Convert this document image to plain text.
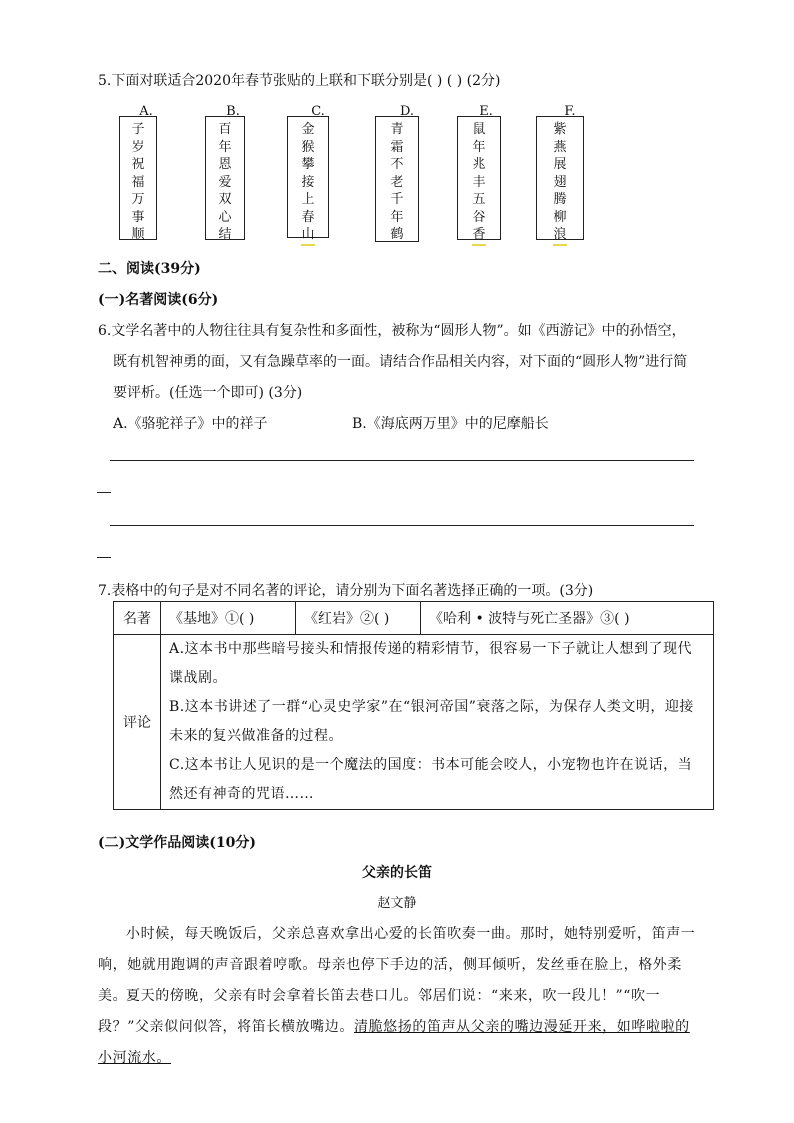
5.下面对联适合2020年春节张贴的上联和下联分别是( ) ( ) (2分)
A.
子
岁
祝
福
万
事
顺
B.
百
年
恩
爱
双
心
结
C.
金
猴
攀
接
上
春
山
D.
青
霜
不
老
千
年
鹤
E.
鼠
年
兆
丰
五
谷
香
F.
紫
燕
展
翅
腾
柳
浪
二、阅读(39分)
(一)名著阅读(6分)
6.文学名著中的人物往往具有复杂性和多面性，被称为“圆形人物”。如《西游记》中的孙悟空，
既有机智神勇的面，又有急躁草率的一面。请结合作品相关内容，对下面的“圆形人物”进行简
要评析。(任选一个即可) (3分)
A.《骆驼祥子》中的祥子	B.《海底两万里》中的尼摩船长
7.表格中的句子是对不同名著的评论，请分别为下面名著选择正确的一项。(3分)
名著	《基地》①( )	《红岩》②( )	《哈利 • 波特与死亡圣器》③( )
评论	A.这本书中那些暗号接头和情报传递的精彩情节，很容易一下子就让人想到了现代谍战剧。
B.这本书讲述了一群“心灵史学家”在“银河帝国”衰落之际，为保存人类文明，迎接未来的复兴做准备的过程。
C.这本书让人见识的是一个魔法的国度：书本可能会咬人，小宠物也许在说话，当然还有神奇的咒语……		
(二)文学作品阅读(10分)
父亲的长笛
赵文静
小时候，每天晚饭后，父亲总喜欢拿出心爱的长笛吹奏一曲。那时，她特别爱听，笛声一响，她就用跑调的声音跟着哼歌。母亲也停下手边的活，侧耳倾听，发丝垂在脸上，格外柔美。
夏天的傍晚，父亲有时会拿着长笛去巷口儿。邻居们说：“来来，吹一段儿！”“吹一段？”父亲似问似答，将笛长横放嘴边。清脆悠扬的笛声从父亲的嘴边漫延开来，如哗啦啦的小河流水。
